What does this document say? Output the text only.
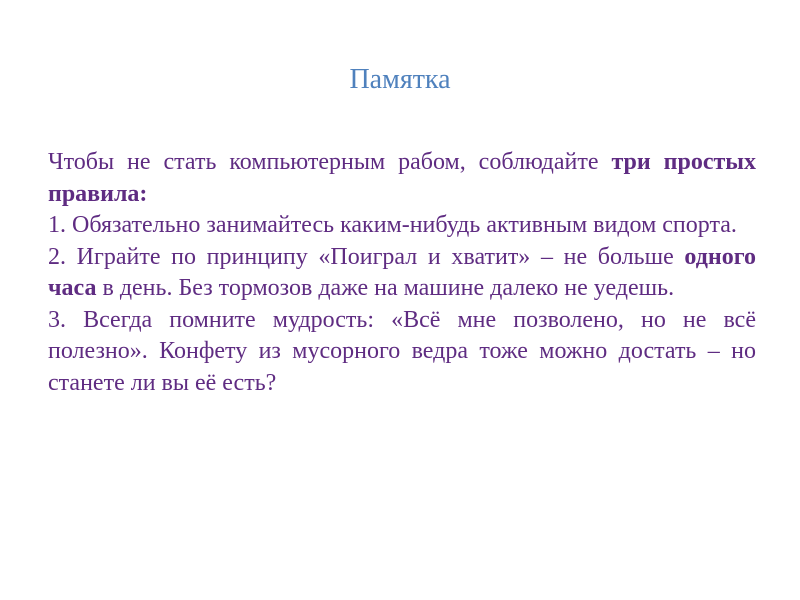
Памятка

Чтобы не стать компьютерным рабом, соблюдайте три простых правила:

1. Обязательно занимайтесь каким-нибудь активным видом спорта.

2. Играйте по принципу «Поиграл и хватит» – не больше одного часа в день. Без тормозов даже на машине далеко не уедешь.

3. Всегда помните мудрость: «Всё мне позволено, но не всё полезно». Конфету из мусорного ведра тоже можно достать – но станете ли вы её есть?
